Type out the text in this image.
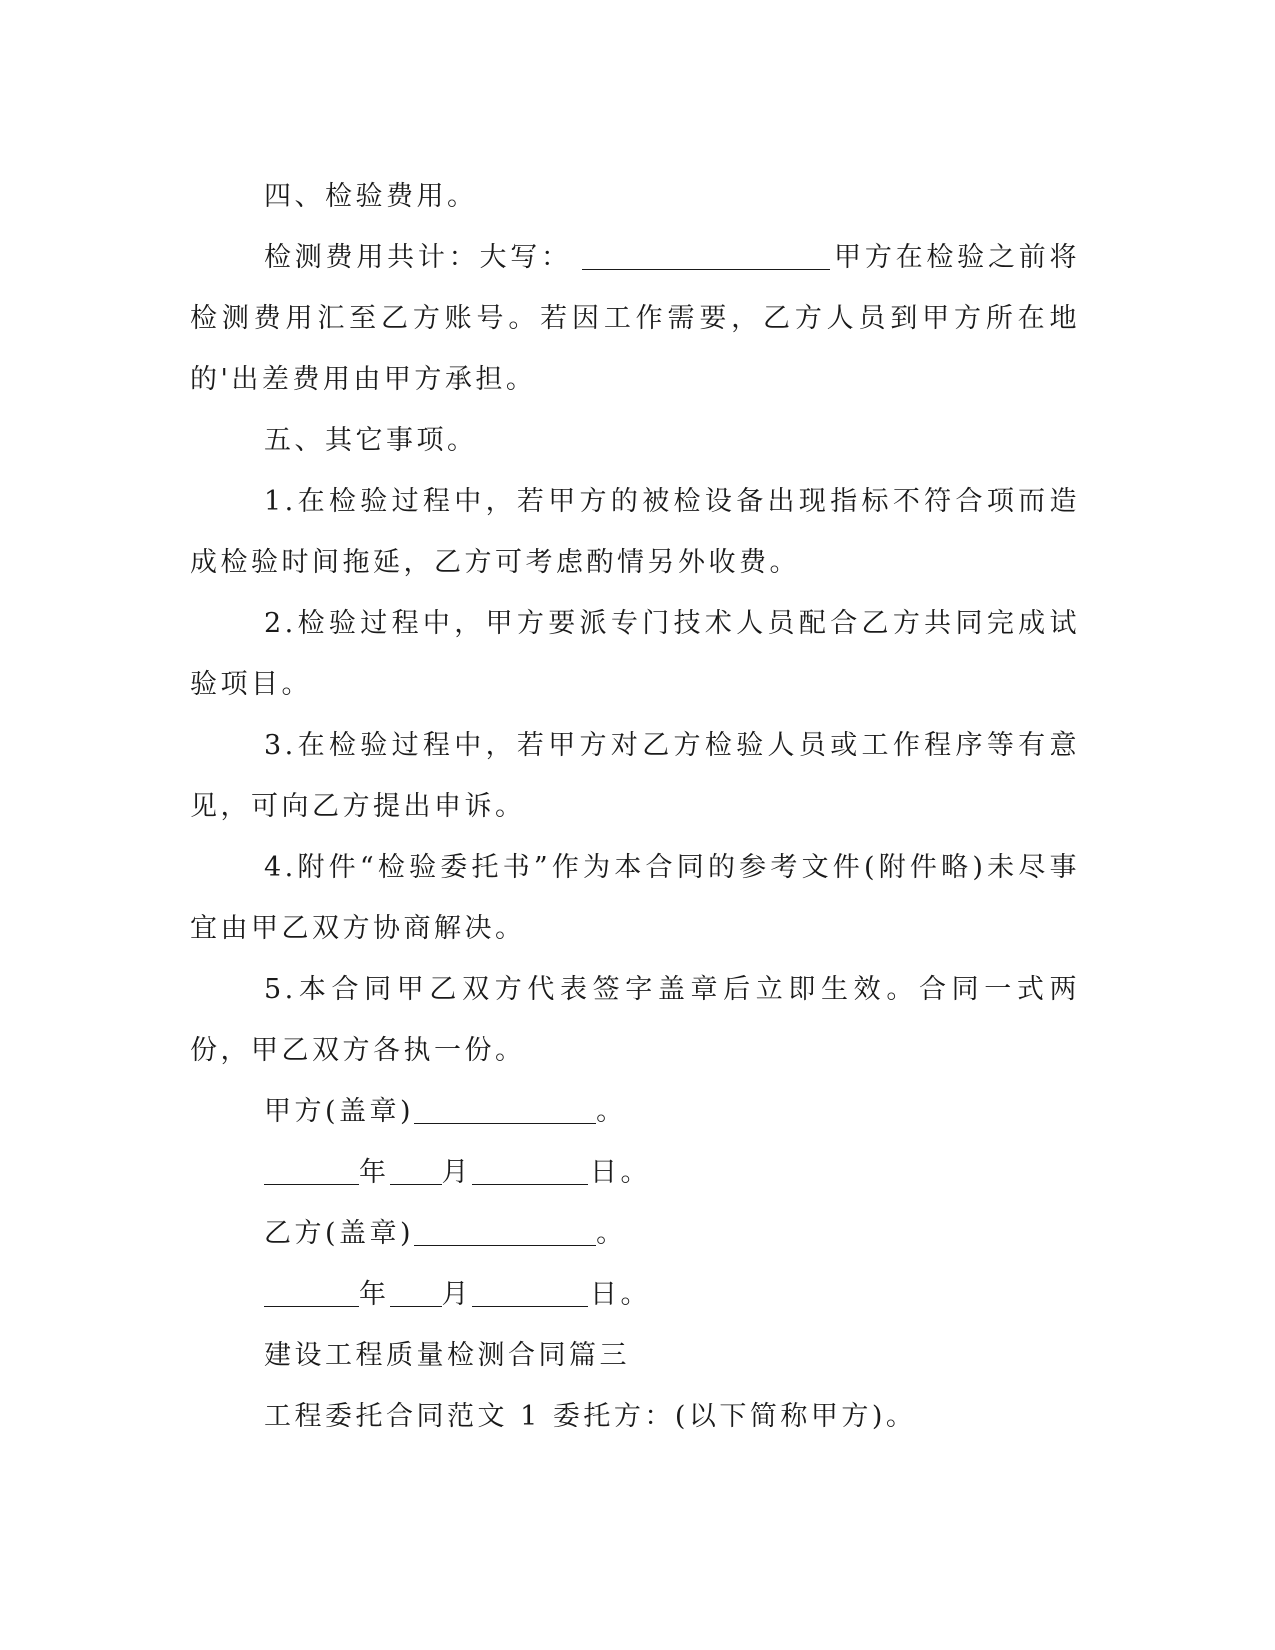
四、检验费用。

检测费用共计：大写：	甲方在检验之前将检测费用汇至乙方账号。若因工作需要，乙方人员到甲方所在地的'出差费用由甲方承担。

五、其它事项。

1.在检验过程中，若甲方的被检设备出现指标不符合项而造成检验时间拖延，乙方可考虑酌情另外收费。

2.检验过程中，甲方要派专门技术人员配合乙方共同完成试验项目。

3.在检验过程中，若甲方对乙方检验人员或工作程序等有意见，可向乙方提出申诉。

4.附件“检验委托书”作为本合同的参考文件(附件略)未尽事宜由甲乙双方协商解决。

5.本合同甲乙双方代表签字盖章后立即生效。合同一式两份，甲乙双方各执一份。

甲方(盖章)	。

年 月	日。

乙方(盖章)	。

年 月	日。

建设工程质量检测合同篇三

工程委托合同范文 1 委托方：(以下简称甲方)。
